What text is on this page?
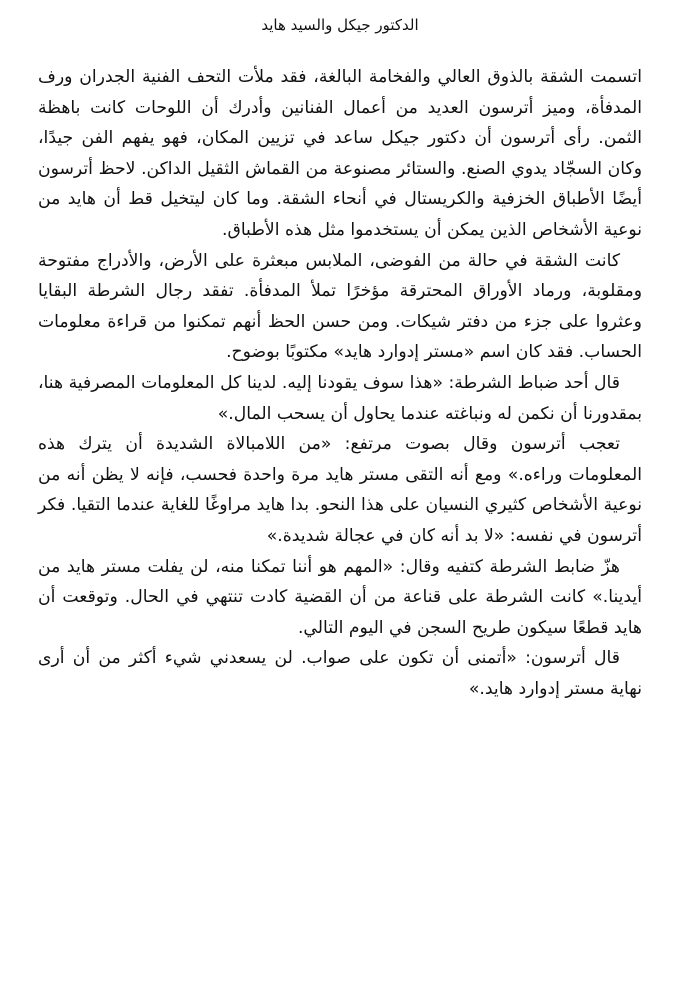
الدكتور جيكل والسيد هايد

اتسمت الشقة بالذوق العالي والفخامة البالغة، فقد ملأت التحف الفنية الجدران ورف المدفأة، وميز أترسون العديد من أعمال الفنانين وأدرك أن اللوحات كانت باهظة الثمن. رأى أترسون أن دكتور جيكل ساعد في تزيين المكان، فهو يفهم الفن جيدًا، وكان السجّاد يدوي الصنع. والستائر مصنوعة من القماش الثقيل الداكن. لاحظ أترسون أيضًا الأطباق الخزفية والكريستال في أنحاء الشقة. وما كان ليتخيل قط أن هايد من نوعية الأشخاص الذين يمكن أن يستخدموا مثل هذه الأطباق.

كانت الشقة في حالة من الفوضى، الملابس مبعثرة على الأرض، والأدراج مفتوحة ومقلوبة، ورماد الأوراق المحترقة مؤخرًا تملأ المدفأة. تفقد رجال الشرطة البقايا وعثروا على جزء من دفتر شيكات. ومن حسن الحظ أنهم تمكنوا من قراءة معلومات الحساب. فقد كان اسم «مستر إدوارد هايد» مكتوبًا بوضوح.

قال أحد ضباط الشرطة: «هذا سوف يقودنا إليه. لدينا كل المعلومات المصرفية هنا، بمقدورنا أن نكمن له ونباغته عندما يحاول أن يسحب المال.»

تعجب أترسون وقال بصوت مرتفع: «من اللامبالاة الشديدة أن يترك هذه المعلومات وراءه.» ومع أنه التقى مستر هايد مرة واحدة فحسب، فإنه لا يظن أنه من نوعية الأشخاص كثيري النسيان على هذا النحو. بدا هايد مراوغًا للغاية عندما التقيا. فكر أترسون في نفسه: «لا بد أنه كان في عجالة شديدة.»

هزّ ضابط الشرطة كتفيه وقال: «المهم هو أننا تمكنا منه، لن يفلت مستر هايد من أيدينا.» كانت الشرطة على قناعة من أن القضية كادت تنتهي في الحال. وتوقعت أن هايد قطعًا سيكون طريح السجن في اليوم التالي.

قال أترسون: «أتمنى أن تكون على صواب. لن يسعدني شيء أكثر من أن أرى نهاية مستر إدوارد هايد.»
